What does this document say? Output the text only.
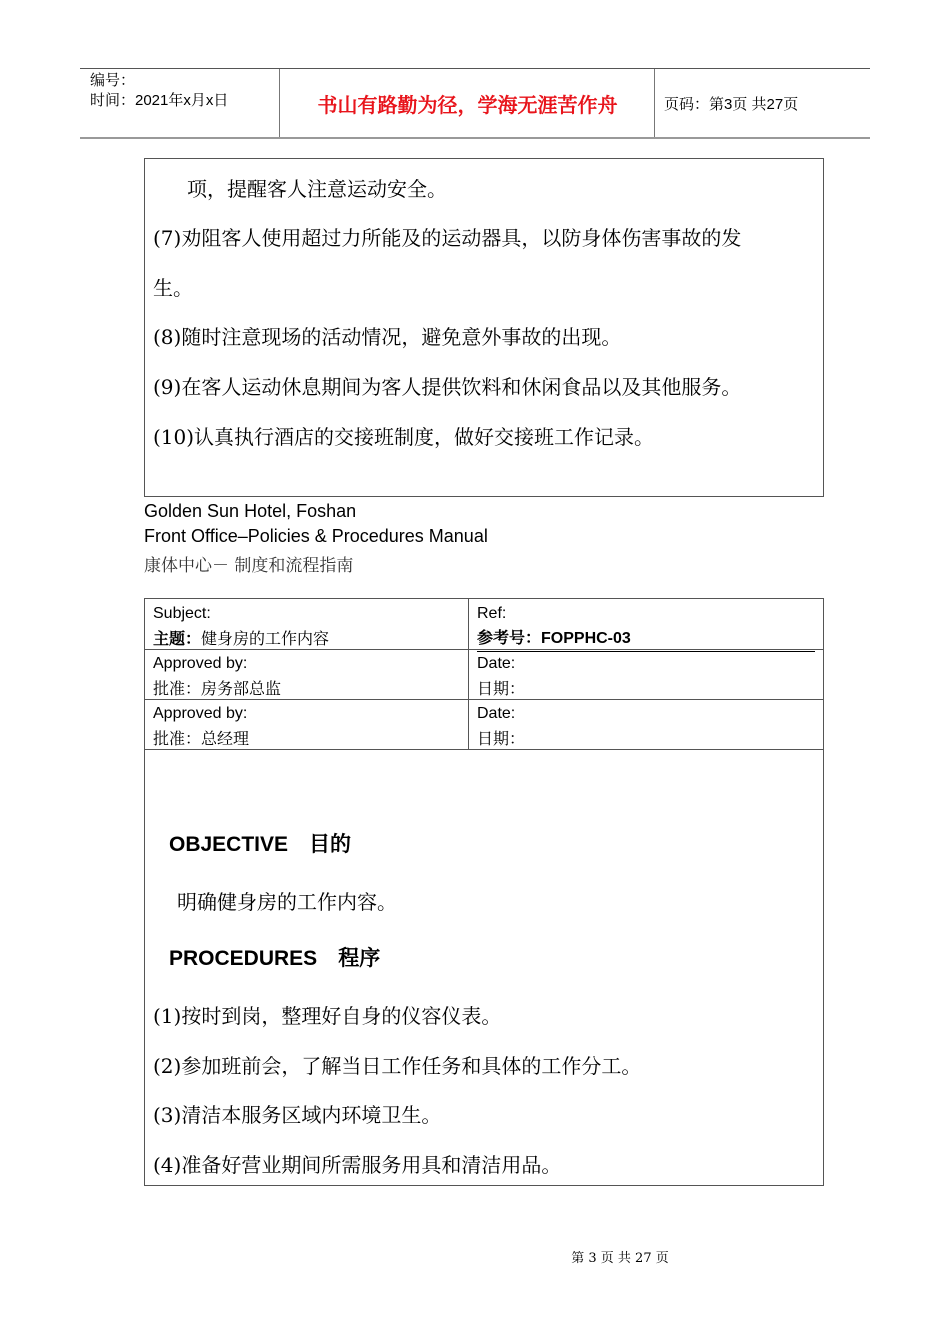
编号：
时间：2021年x月x日	书山有路勤为径，学海无涯苦作舟	页码：第3页 共27页
项，提醒客人注意运动安全。
(7)劝阻客人使用超过力所能及的运动器具，以防身体伤害事故的发
生。
(8)随时注意现场的活动情况，避免意外事故的出现。
(9)在客人运动休息期间为客人提供饮料和休闲食品以及其他服务。
(10)认真执行酒店的交接班制度，做好交接班工作记录。
Golden Sun Hotel, Foshan
Front Office–Policies & Procedures Manual
康体中心－ 制度和流程指南
Subject:
主题：健身房的工作内容
Ref:
参考号：FOPPHC-03
Approved by:
批准：房务部总监
Date:
日期：
Approved by:
批准：总经理
Date:
日期：
OBJECTIVE　目的
明确健身房的工作内容。
PROCEDURES　程序
(1)按时到岗，整理好自身的仪容仪表。
(2)参加班前会，了解当日工作任务和具体的工作分工。
(3)清洁本服务区域内环境卫生。
(4)准备好营业期间所需服务用具和清洁用品。
第 3 页 共 27 页
